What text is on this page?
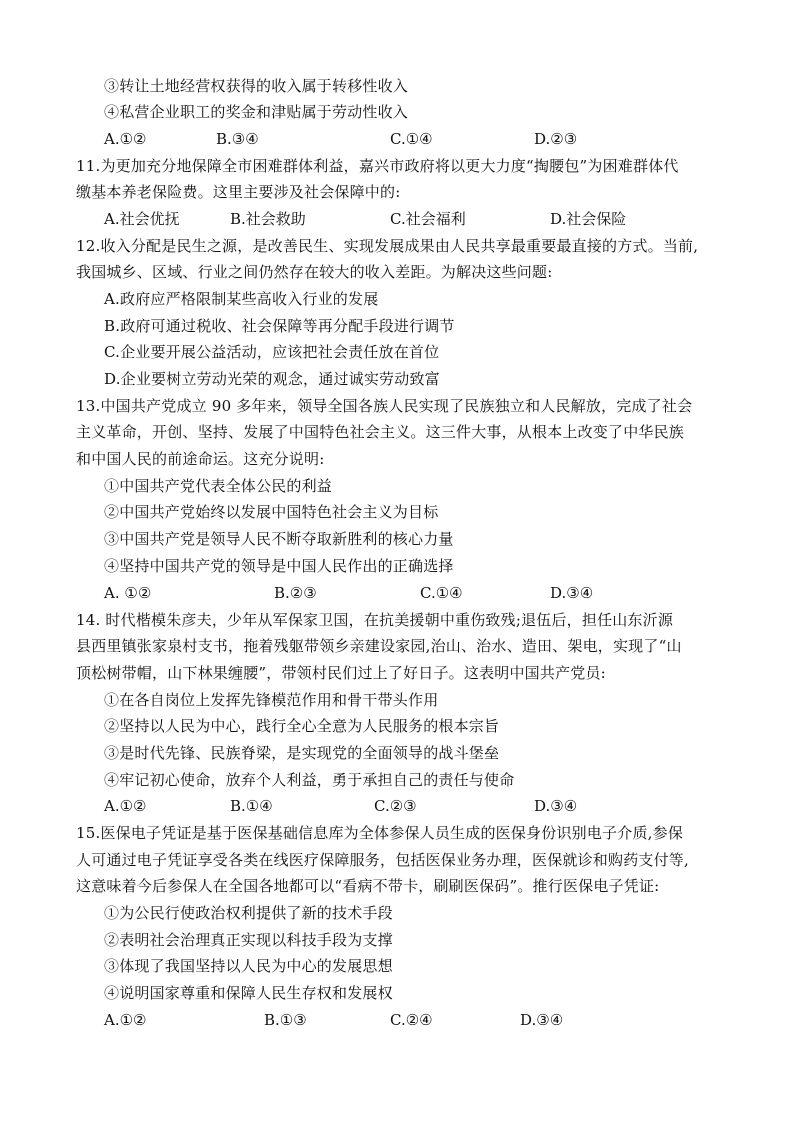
③转让土地经营权获得的收入属于转移性收入
④私营企业职工的奖金和津贴属于劳动性收入
A.①②	B.③④	C.①④	D.②③
11.为更加充分地保障全市困难群体利益，嘉兴市政府将以更大力度“掏腰包”为困难群体代
缴基本养老保险费。这里主要涉及社会保障中的:
A.社会优抚	B.社会救助	C.社会福利	D.社会保险
12.收入分配是民生之源，是改善民生、实现发展成果由人民共享最重要最直接的方式。当前,
我国城乡、区域、行业之间仍然存在较大的收入差距。为解决这些问题:
A.政府应严格限制某些高收入行业的发展
B.政府可通过税收、社会保障等再分配手段进行调节
C.企业要开展公益活动，应该把社会责任放在首位
D.企业要树立劳动光荣的观念，通过诚实劳动致富
13.中国共产党成立 90 多年来，领导全国各族人民实现了民族独立和人民解放，完成了社会
主义革命，开创、坚持、发展了中国特色社会主义。这三件大事，从根本上改变了中华民族
和中国人民的前途命运。这充分说明:
①中国共产党代表全体公民的利益
②中国共产党始终以发展中国特色社会主义为目标
③中国共产党是领导人民不断夺取新胜利的核心力量
④坚持中国共产党的领导是中国人民作出的正确选择
A. ①②	B.②③	C.①④	D.③④
14. 时代楷模朱彦夫，少年从军保家卫国，在抗美援朝中重伤致残;退伍后，担任山东沂源
县西里镇张家泉村支书，拖着残躯带领乡亲建设家园,治山、治水、造田、架电，实现了“山
顶松树带帽，山下林果缠腰”，带领村民们过上了好日子。这表明中国共产党员:
①在各自岗位上发挥先锋模范作用和骨干带头作用
②坚持以人民为中心，践行全心全意为人民服务的根本宗旨
③是时代先锋、民族脊梁，是实现党的全面领导的战斗堡垒
④牢记初心使命，放弃个人利益，勇于承担自己的责任与使命
A.①②	B.①④	C.②③	D.③④
15.医保电子凭证是基于医保基础信息库为全体参保人员生成的医保身份识别电子介质,参保
人可通过电子凭证享受各类在线医疗保障服务，包括医保业务办理，医保就诊和购药支付等,
这意味着今后参保人在全国各地都可以“看病不带卡，刷刷医保码”。推行医保电子凭证:
①为公民行使政治权利提供了新的技术手段
②表明社会治理真正实现以科技手段为支撑
③体现了我国坚持以人民为中心的发展思想
④说明国家尊重和保障人民生存权和发展权
A.①②	B.①③	C.②④	D.③④
